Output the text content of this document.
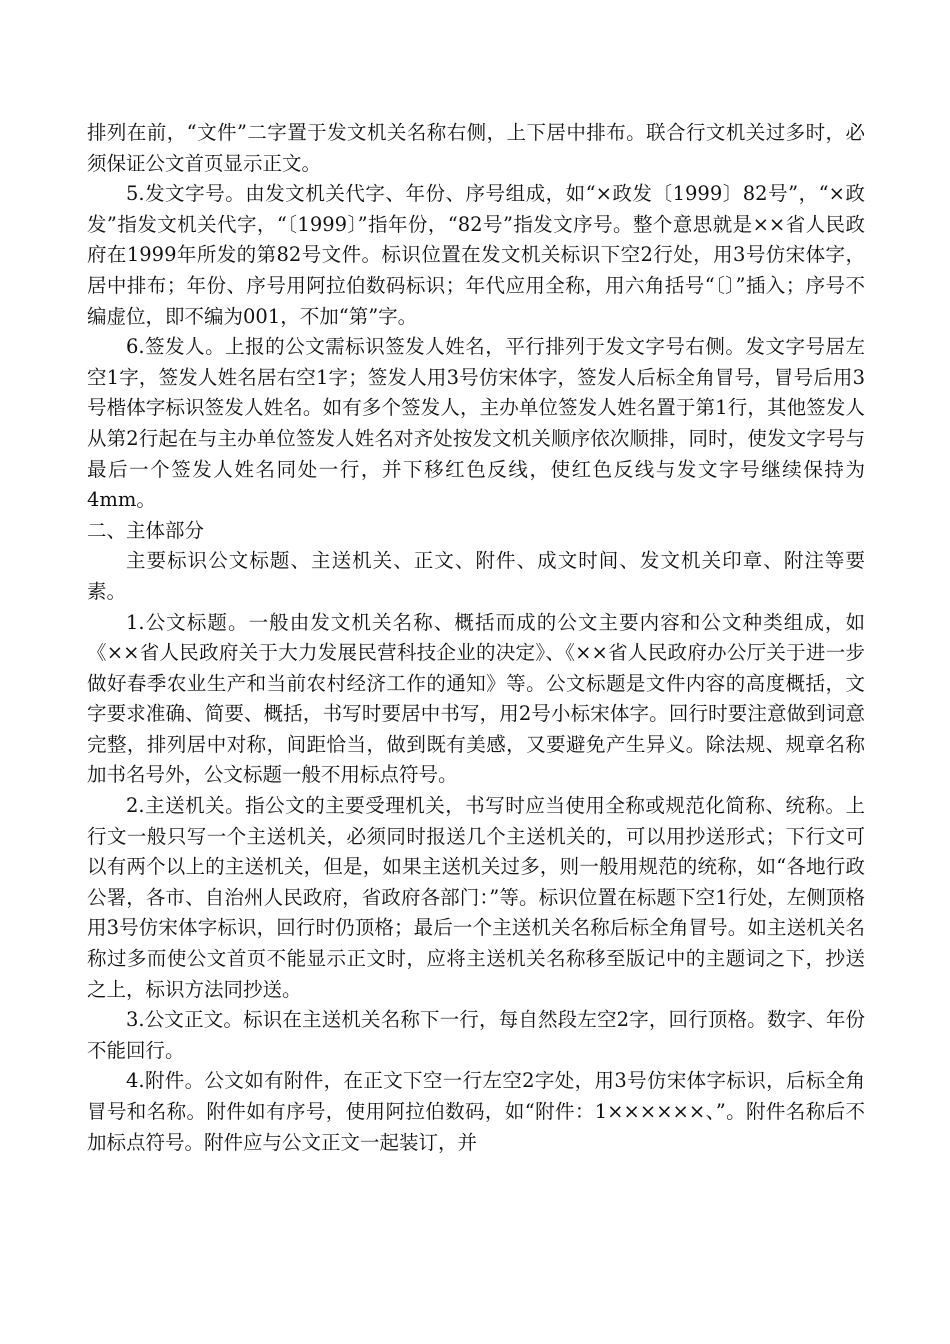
排列在前，“文件”二字置于发文机关名称右侧，上下居中排布。联合行文机关过多时，必须保证公文首页显示正文。

5.发文字号。由发文机关代字、年份、序号组成，如“×政发〔1999〕82号”，“×政发”指发文机关代字，“〔1999〕”指年份，“82号”指发文序号。整个意思就是××省人民政府在1999年所发的第82号文件。标识位置在发文机关标识下空2行处，用3号仿宋体字，居中排布；年份、序号用阿拉伯数码标识；年代应用全称，用六角括号“〔〕”插入；序号不编虚位，即不编为001，不加“第”字。

6.签发人。上报的公文需标识签发人姓名，平行排列于发文字号右侧。发文字号居左空1字，签发人姓名居右空1字；签发人用3号仿宋体字，签发人后标全角冒号，冒号后用3号楷体字标识签发人姓名。如有多个签发人，主办单位签发人姓名置于第1行，其他签发人从第2行起在与主办单位签发人姓名对齐处按发文机关顺序依次顺排，同时，使发文字号与最后一个签发人姓名同处一行，并下移红色反线，使红色反线与发文字号继续保持为4mm。

二、主体部分

主要标识公文标题、主送机关、正文、附件、成文时间、发文机关印章、附注等要素。

1.公文标题。一般由发文机关名称、概括而成的公文主要内容和公文种类组成，如《××省人民政府关于大力发展民营科技企业的决定》、《××省人民政府办公厅关于进一步做好春季农业生产和当前农村经济工作的通知》等。公文标题是文件内容的高度概括，文字要求准确、简要、概括，书写时要居中书写，用2号小标宋体字。回行时要注意做到词意完整，排列居中对称，间距恰当，做到既有美感，又要避免产生异义。除法规、规章名称加书名号外，公文标题一般不用标点符号。

2.主送机关。指公文的主要受理机关，书写时应当使用全称或规范化简称、统称。上行文一般只写一个主送机关，必须同时报送几个主送机关的，可以用抄送形式；下行文可以有两个以上的主送机关，但是，如果主送机关过多，则一般用规范的统称，如“各地行政公署，各市、自治州人民政府，省政府各部门：”等。标识位置在标题下空1行处，左侧顶格用3号仿宋体字标识，回行时仍顶格；最后一个主送机关名称后标全角冒号。如主送机关名称过多而使公文首页不能显示正文时，应将主送机关名称移至版记中的主题词之下，抄送之上，标识方法同抄送。

3.公文正文。标识在主送机关名称下一行，每自然段左空2字，回行顶格。数字、年份不能回行。

4.附件。公文如有附件，在正文下空一行左空2字处，用3号仿宋体字标识，后标全角冒号和名称。附件如有序号，使用阿拉伯数码，如“附件：1××××××、”。附件名称后不加标点符号。附件应与公文正文一起装订，并
